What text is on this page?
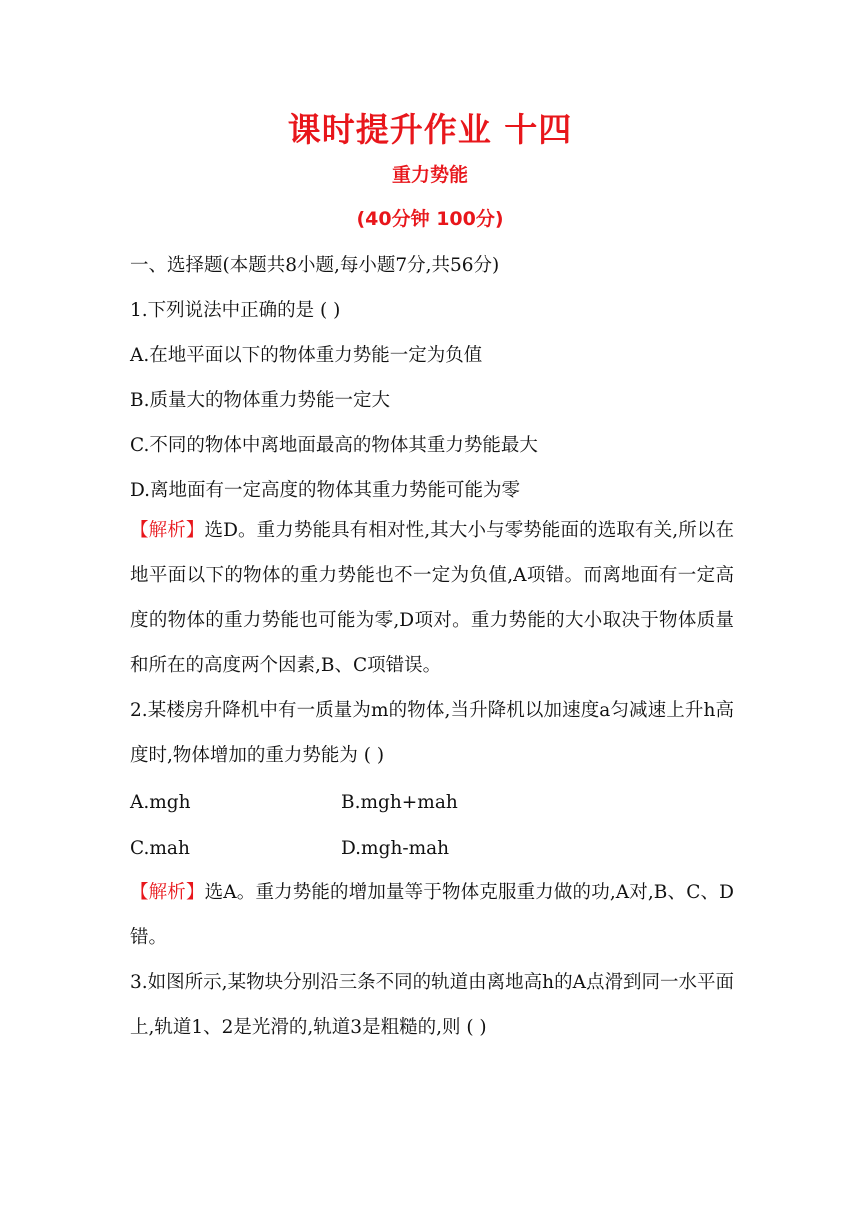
课时提升作业 十四
重力势能
(40分钟 100分)
一、选择题(本题共8小题,每小题7分,共56分)
1.下列说法中正确的是 ( )
A.在地平面以下的物体重力势能一定为负值
B.质量大的物体重力势能一定大
C.不同的物体中离地面最高的物体其重力势能最大
D.离地面有一定高度的物体其重力势能可能为零
【解析】选D。重力势能具有相对性,其大小与零势能面的选取有关,所以在地平面以下的物体的重力势能也不一定为负值,A项错。而离地面有一定高度的物体的重力势能也可能为零,D项对。重力势能的大小取决于物体质量和所在的高度两个因素,B、C项错误。
2.某楼房升降机中有一质量为m的物体,当升降机以加速度a匀减速上升h高度时,物体增加的重力势能为 ( )
A.mgh	B.mgh+mah
C.mah	D.mgh-mah
【解析】选A。重力势能的增加量等于物体克服重力做的功,A对,B、C、D错。
3.如图所示,某物块分别沿三条不同的轨道由离地高h的A点滑到同一水平面上,轨道1、2是光滑的,轨道3是粗糙的,则 ( )
